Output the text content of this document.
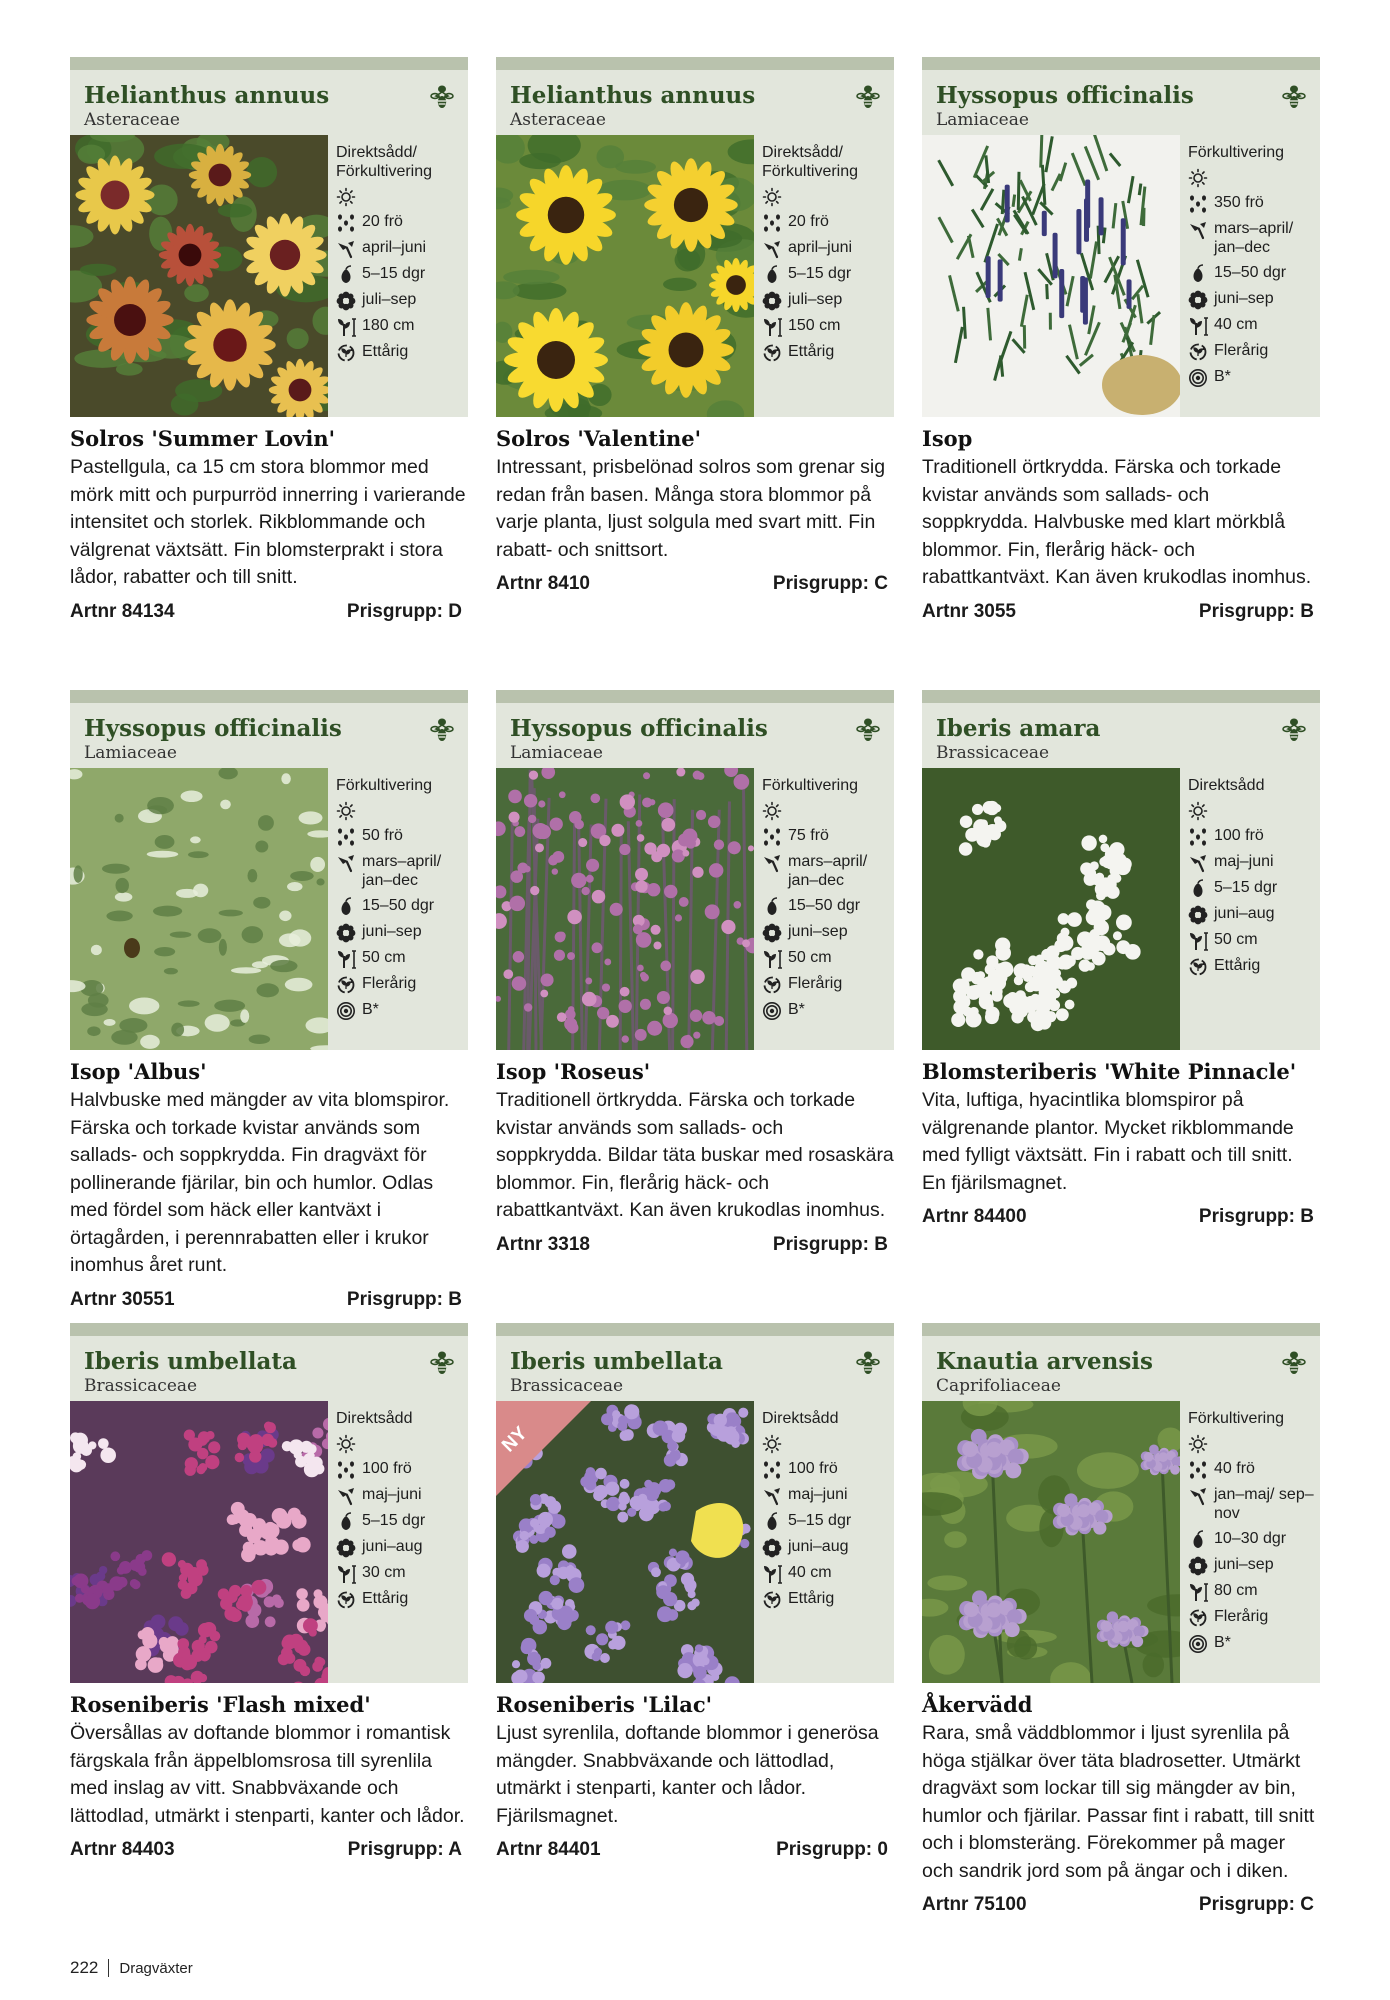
Helianthus annuus
Asteraceae
Direktsådd/ Förkultivering
20 frö
april–juni
5–15 dgr
juli–sep
180 cm
Ettårig
Solros 'Summer Lovin'
Pastellgula, ca 15 cm stora blommor med mörk mitt och purpurröd innerring i varierande intensitet och storlek. Rikblommande och välgrenat växtsätt. Fin blomsterprakt i stora lådor, rabatter och till snitt.
Artnr 84134	Prisgrupp: D
Helianthus annuus
Asteraceae
Direktsådd/ Förkultivering
20 frö
april–juni
5–15 dgr
juli–sep
150 cm
Ettårig
Solros 'Valentine'
Intressant, prisbelönad solros som grenar sig redan från basen. Många stora blommor på varje planta, ljust solgula med svart mitt. Fin rabatt- och snittsort.
Artnr 8410	Prisgrupp: C
Hyssopus officinalis
Lamiaceae
Förkultivering
350 frö
mars–april/ jan–dec
15–50 dgr
juni–sep
40 cm
Flerårig
B*
Isop
Traditionell örtkrydda. Färska och torkade kvistar används som sallads- och soppkrydda. Halvbuske med klart mörkblå blommor. Fin, flerårig häck- och rabattkantväxt. Kan även krukodlas inomhus.
Artnr 3055	Prisgrupp: B
Hyssopus officinalis
Lamiaceae
Förkultivering
50 frö
mars–april/ jan–dec
15–50 dgr
juni–sep
50 cm
Flerårig
B*
Isop 'Albus'
Halvbuske med mängder av vita blomspiror. Färska och torkade kvistar används som sallads- och soppkrydda. Fin dragväxt för pollinerande fjärilar, bin och humlor. Odlas med fördel som häck eller kantväxt i örtagården, i perennrabatten eller i krukor inomhus året runt.
Artnr 30551	Prisgrupp: B
Hyssopus officinalis
Lamiaceae
Förkultivering
75 frö
mars–april/ jan–dec
15–50 dgr
juni–sep
50 cm
Flerårig
B*
Isop 'Roseus'
Traditionell örtkrydda. Färska och torkade kvistar används som sallads- och soppkrydda. Bildar täta buskar med rosaskära blommor. Fin, flerårig häck- och rabattkantväxt. Kan även krukodlas inomhus.
Artnr 3318	Prisgrupp: B
Iberis amara
Brassicaceae
Direktsådd
100 frö
maj–juni
5–15 dgr
juni–aug
50 cm
Ettårig
Blomsteriberis 'White Pinnacle'
Vita, luftiga, hyacintlika blomspiror på välgrenande plantor. Mycket rikblommande med fylligt växtsätt. Fin i rabatt och till snitt. En fjärilsmagnet.
Artnr 84400	Prisgrupp: B
Iberis umbellata
Brassicaceae
Direktsådd
100 frö
maj–juni
5–15 dgr
juni–aug
30 cm
Ettårig
Roseniberis 'Flash mixed'
Översållas av doftande blommor i romantisk färgskala från äppelblomsrosa till syrenlila med inslag av vitt. Snabbväxande och lättodlad, utmärkt i stenparti, kanter och lådor.
Artnr 84403	Prisgrupp: A
Iberis umbellata
Brassicaceae
NY
Direktsådd
100 frö
maj–juni
5–15 dgr
juni–aug
40 cm
Ettårig
Roseniberis 'Lilac'
Ljust syrenlila, doftande blommor i generösa mängder. Snabbväxande och lättodlad, utmärkt i stenparti, kanter och lådor. Fjärilsmagnet.
Artnr 84401	Prisgrupp: 0
Knautia arvensis
Caprifoliaceae
Förkultivering
40 frö
jan–maj/ sep–nov
10–30 dgr
juni–sep
80 cm
Flerårig
B*
Åkervädd
Rara, små väddblommor i ljust syrenlila på höga stjälkar över täta bladrosetter. Utmärkt dragväxt som lockar till sig mängder av bin, humlor och fjärilar. Passar fint i rabatt, till snitt och i blomsteräng. Förekommer på mager och sandrik jord som på ängar och i diken.
Artnr 75100	Prisgrupp: C
222 Dragväxter
